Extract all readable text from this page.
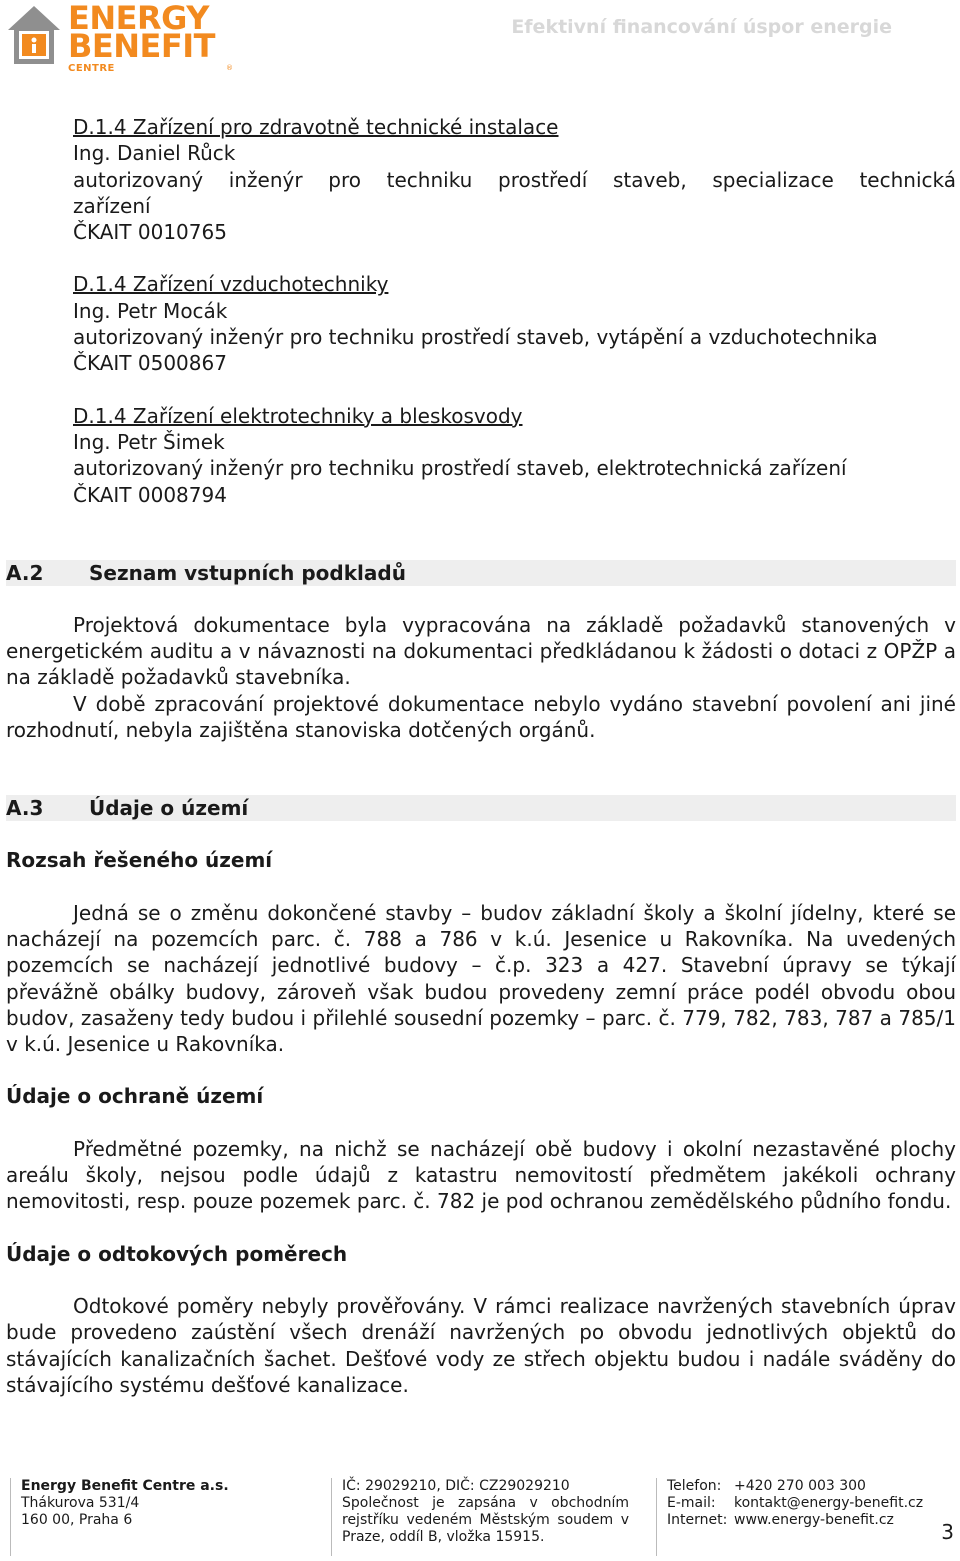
ENERGY
BENEFIT
CENTRE	®
Efektivní financování úspor energie
D.1.4 Zařízení pro zdravotně technické instalace
Ing. Daniel Růck
autorizovaný inženýr pro techniku prostředí staveb, specializace technická
zařízení
ČKAIT 0010765
D.1.4 Zařízení vzduchotechniky
Ing. Petr Mocák
autorizovaný inženýr pro techniku prostředí staveb, vytápění a vzduchotechnika
ČKAIT 0500867
D.1.4 Zařízení elektrotechniky a bleskosvody
Ing. Petr Šimek
autorizovaný inženýr pro techniku prostředí staveb, elektrotechnická zařízení
ČKAIT 0008794
A.2	Seznam vstupních podkladů

Projektová dokumentace byla vypracována na základě požadavků stanovených v energetickém auditu a v návaznosti na dokumentaci předkládanou k žádosti o dotaci z OPŽP a na základě požadavků stavebníka.

V době zpracování projektové dokumentace nebylo vydáno stavební povolení ani jiné rozhodnutí, nebyla zajištěna stanoviska dotčených orgánů.

A.3	Údaje o území
Rozsah řešeného území

Jedná se o změnu dokončené stavby – budov základní školy a školní jídelny, které se nacházejí na pozemcích parc. č. 788 a 786 v k.ú. Jesenice u Rakovníka. Na uvedených pozemcích se nacházejí jednotlivé budovy – č.p. 323 a 427. Stavební úpravy se týkají převážně obálky budovy, zároveň však budou provedeny zemní práce podél obvodu obou budov, zasaženy tedy budou i přilehlé sousední pozemky – parc. č. 779, 782, 783, 787 a 785/1 v k.ú. Jesenice u Rakovníka.

Údaje o ochraně území

Předmětné pozemky, na nichž se nacházejí obě budovy i okolní nezastavěné plochy areálu školy, nejsou podle údajů z katastru nemovitostí předmětem jakékoli ochrany nemovitosti, resp. pouze pozemek parc. č. 782 je pod ochranou zemědělského půdního fondu.

Údaje o odtokových poměrech

Odtokové poměry nebyly prověřovány. V rámci realizace navržených stavebních úprav bude provedeno zaústění všech drenáží navržených po obvodu jednotlivých objektů do stávajících kanalizačních šachet. Dešťové vody ze střech objektu budou i nadále sváděny do stávajícího systému dešťové kanalizace.

Energy Benefit Centre a.s.
Thákurova 531/4
160 00, Praha 6
IČ: 29029210, DIČ: CZ29029210
Společnost je zapsána v obchodním
rejstříku vedeném Městským soudem v
Praze, oddíl B, vložka 15915.
Telefon: +420 270 003 300
E-mail: kontakt@energy-benefit.cz
Internet: www.energy-benefit.cz	3
